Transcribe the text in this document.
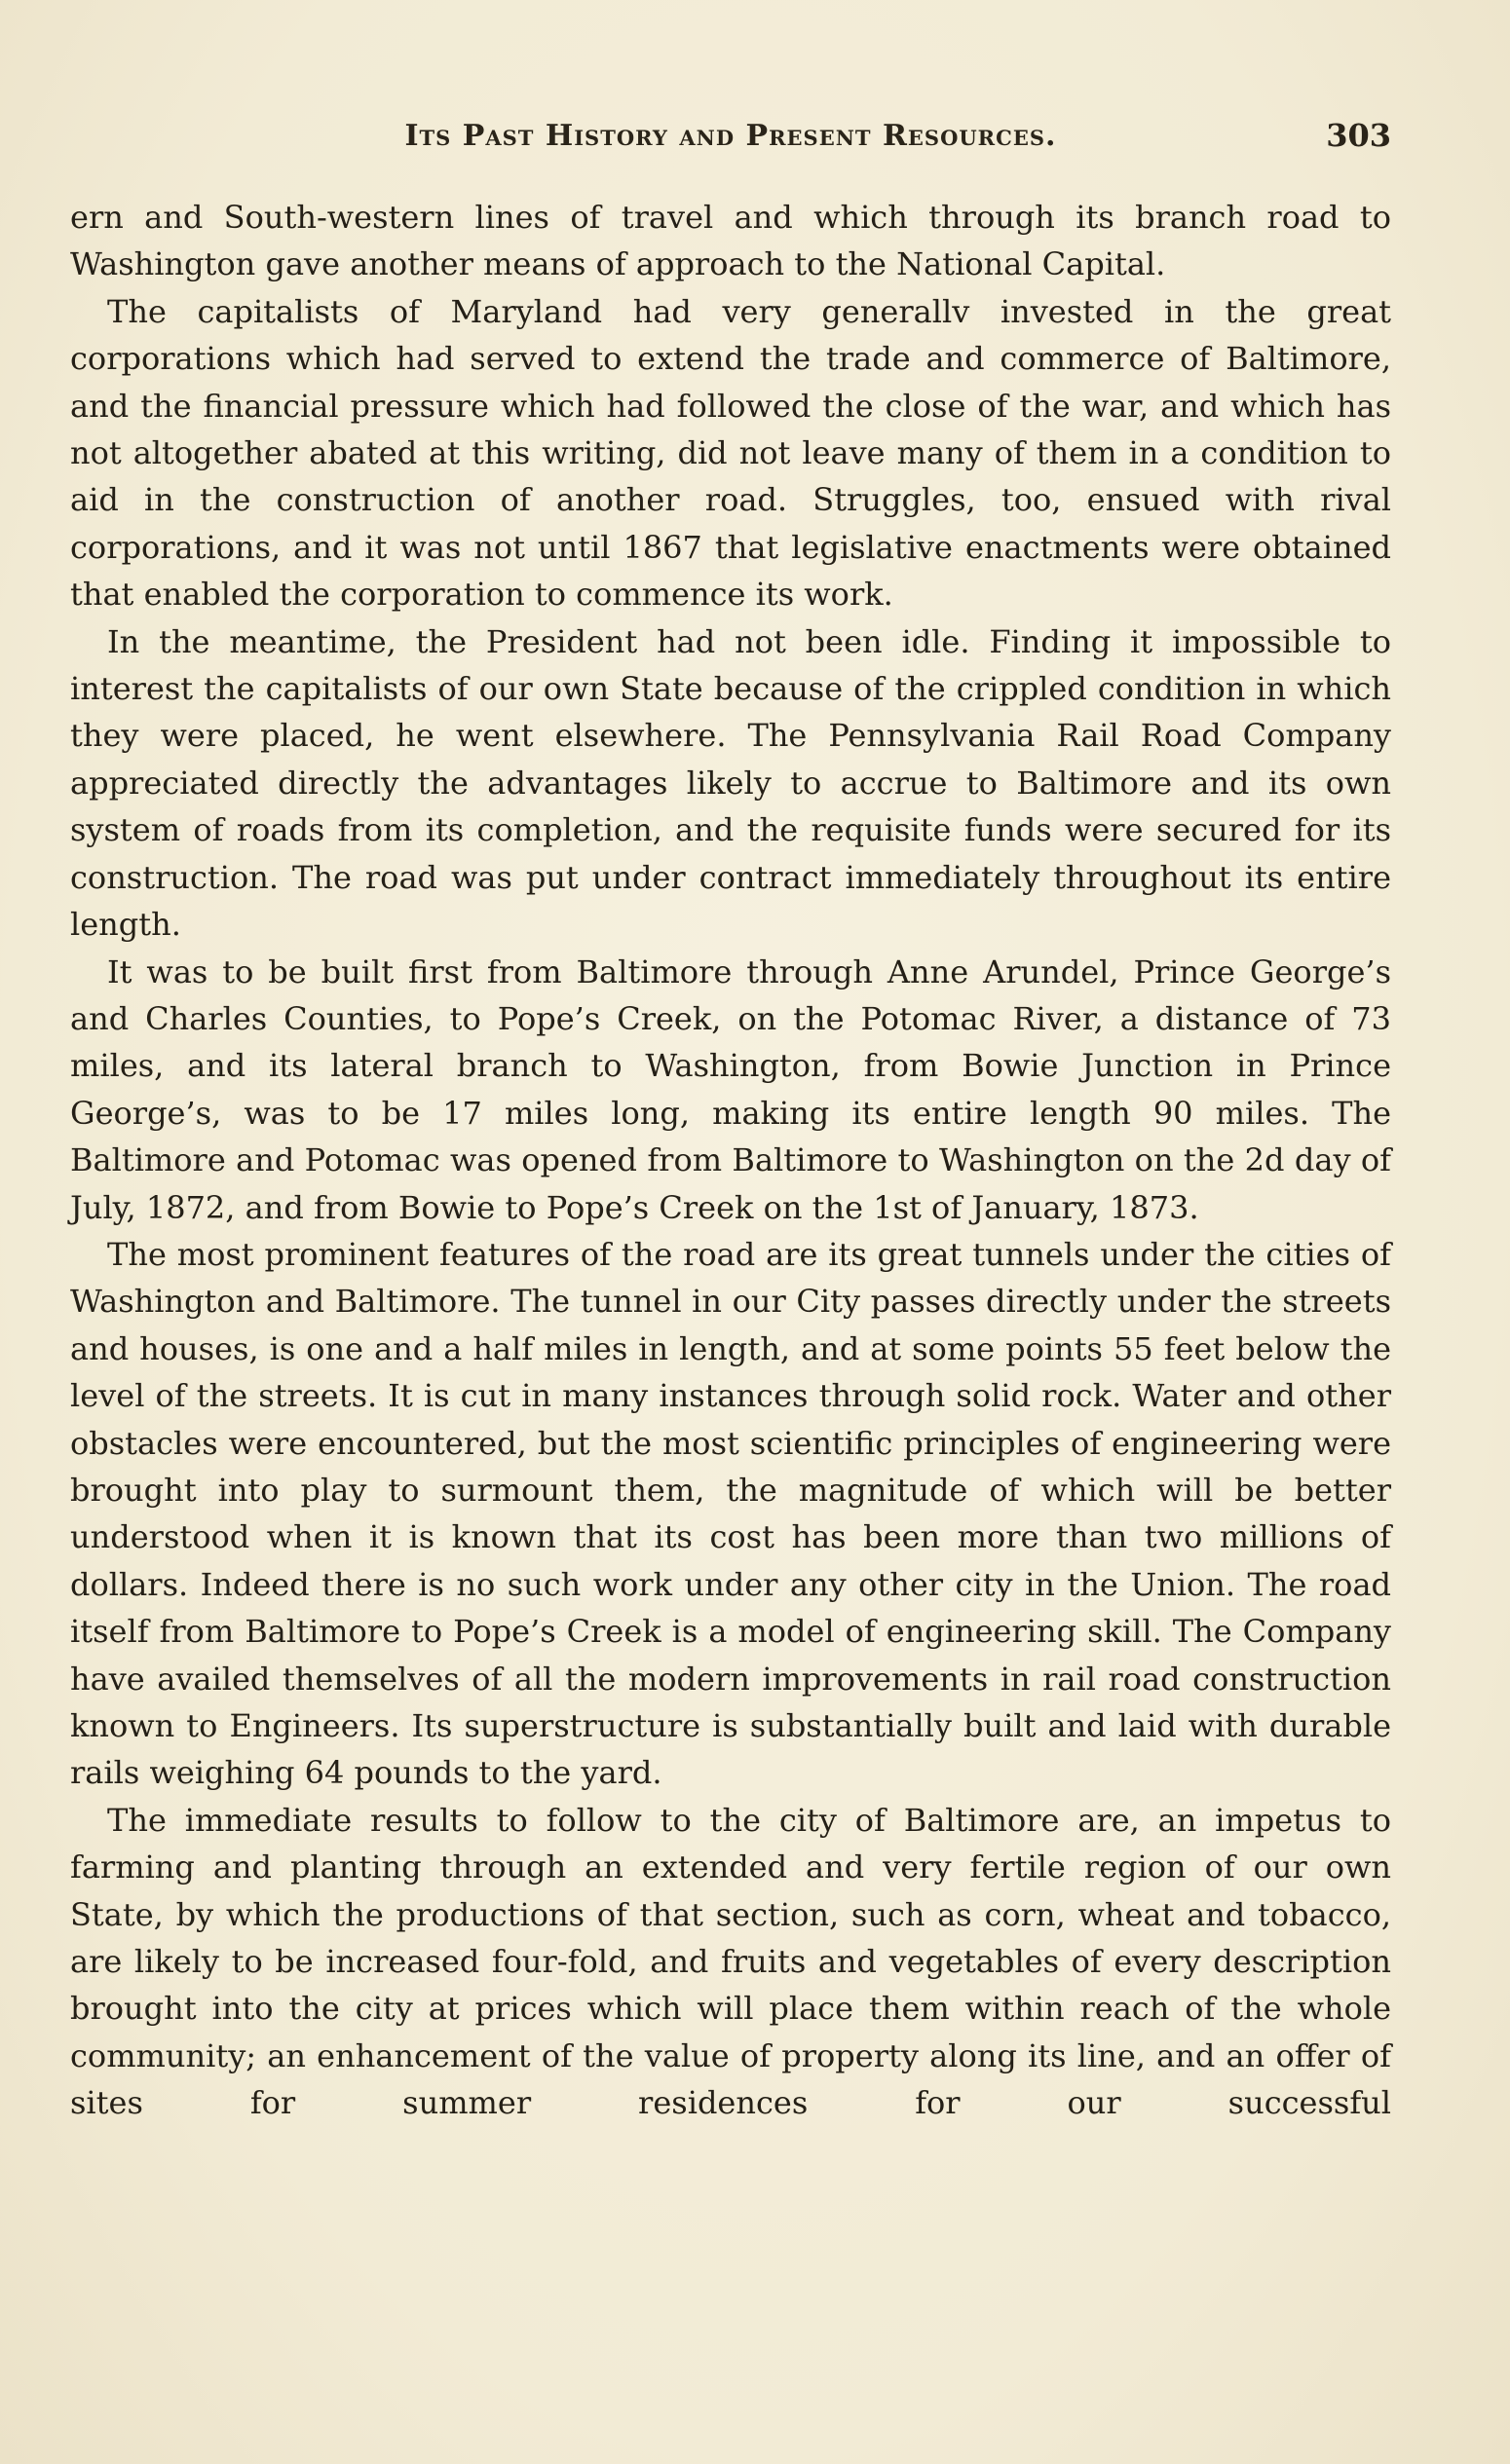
Its Past History and Present Resources.	303

ern and South-western lines of travel and which through its branch road to Washington gave another means of approach to the National Capital.

The capitalists of Maryland had very generallv invested in the great corporations which had served to extend the trade and commerce of Baltimore, and the financial pressure which had followed the close of the war, and which has not altogether abated at this writing, did not leave many of them in a condition to aid in the construction of another road. Struggles, too, ensued with rival corporations, and it was not until 1867 that legislative enactments were obtained that enabled the corporation to commence its work.

In the meantime, the President had not been idle. Finding it impossible to interest the capitalists of our own State because of the crippled condition in which they were placed, he went elsewhere. The Pennsylvania Rail Road Company appreciated directly the advantages likely to accrue to Baltimore and its own system of roads from its completion, and the requisite funds were secured for its construction. The road was put under contract immediately throughout its entire length.

It was to be built first from Baltimore through Anne Arundel, Prince George’s and Charles Counties, to Pope’s Creek, on the Potomac River, a distance of 73 miles, and its lateral branch to Washington, from Bowie Junction in Prince George’s, was to be 17 miles long, making its entire length 90 miles. The Baltimore and Potomac was opened from Baltimore to Washington on the 2d day of July, 1872, and from Bowie to Pope’s Creek on the 1st of January, 1873.

The most prominent features of the road are its great tunnels under the cities of Washington and Baltimore. The tunnel in our City passes directly under the streets and houses, is one and a half miles in length, and at some points 55 feet below the level of the streets. It is cut in many instances through solid rock. Water and other obstacles were encountered, but the most scientific principles of engineering were brought into play to surmount them, the magnitude of which will be better understood when it is known that its cost has been more than two millions of dollars. Indeed there is no such work under any other city in the Union. The road itself from Baltimore to Pope’s Creek is a model of engineering skill. The Company have availed themselves of all the modern improvements in rail road construction known to Engineers. Its superstructure is substantially built and laid with durable rails weighing 64 pounds to the yard.

The immediate results to follow to the city of Baltimore are, an impetus to farming and planting through an extended and very fertile region of our own State, by which the productions of that section, such as corn, wheat and tobacco, are likely to be increased four-fold, and fruits and vegetables of every description brought into the city at prices which will place them within reach of the whole community; an enhancement of the value of property along its line, and an offer of sites for summer residences for our successful
